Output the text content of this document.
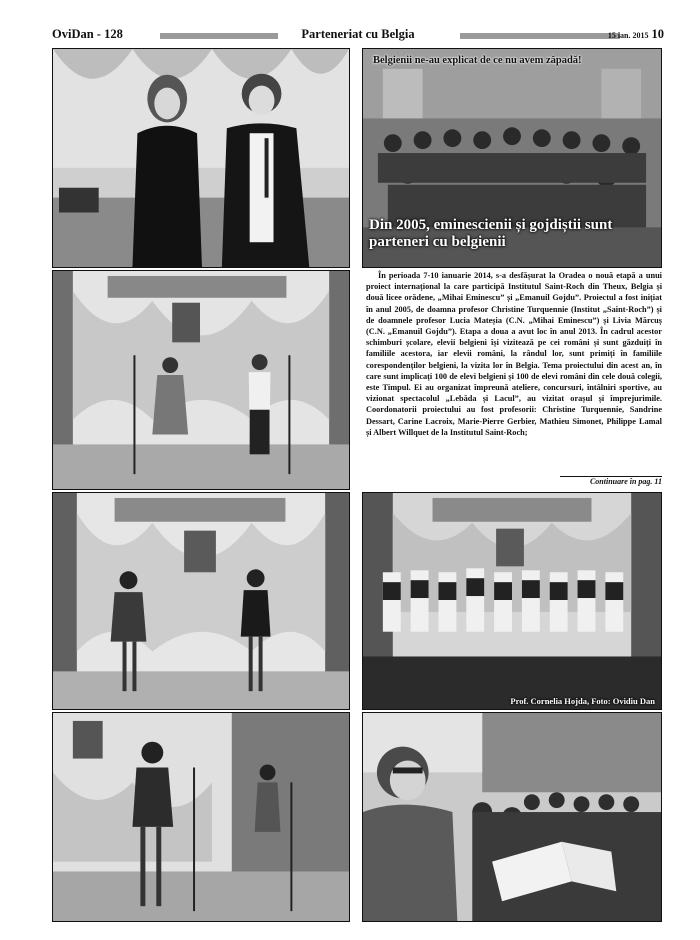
OviDan - 128	Parteneriat cu Belgia	15 ian. 2015 10
Belgienii ne-au explicat de ce nu avem zăpadă!
Din 2005, eminescienii și gojdiștii sunt parteneri cu belgienii

În perioada 7-10 ianuarie 2014, s-a desfășurat la Oradea o nouă etapă a unui proiect internațional la care participă Institutul Saint-Roch din Theux, Belgia și două licee orădene, „Mihai Eminescu” și „Emanuil Gojdu”. Proiectul a fost inițiat în anul 2005, de doamna profesor Christine Turquennie (Institut „Saint-Roch”) și de doamnele profesor Lucia Mateșia (C.N. „Mihai Eminescu”) și Livia Mărcuș (C.N. „Emanuil Gojdu”). Etapa a doua a avut loc în anul 2013. În cadrul acestor schimburi școlare, elevii belgieni își vizitează pe cei români și sunt găzduiți în familiile acestora, iar elevii români, la rândul lor, sunt primiți în familiile corespondenților belgieni, la vizita lor în Belgia. Tema proiectului din acest an, în care sunt implicați 100 de elevi belgieni și 100 de elevi români din cele două colegii, este Timpul. Ei au organizat împreună ateliere, concursuri, întâlniri sportive, au vizionat spectacolul „Lebăda și Lacul”, au vizitat orașul și împrejurimile. Coordonatorii proiectului au fost profesorii: Christine Turquennie, Sandrine Dessart, Carine Lacroix, Marie-Pierre Gerbier, Mathieu Simonet, Philippe Lamal și Albert Willquet de la Institutul Saint-Roch;

Continuare în pag. 11
Prof. Cornelia Hojda, Foto: Ovidiu Dan
